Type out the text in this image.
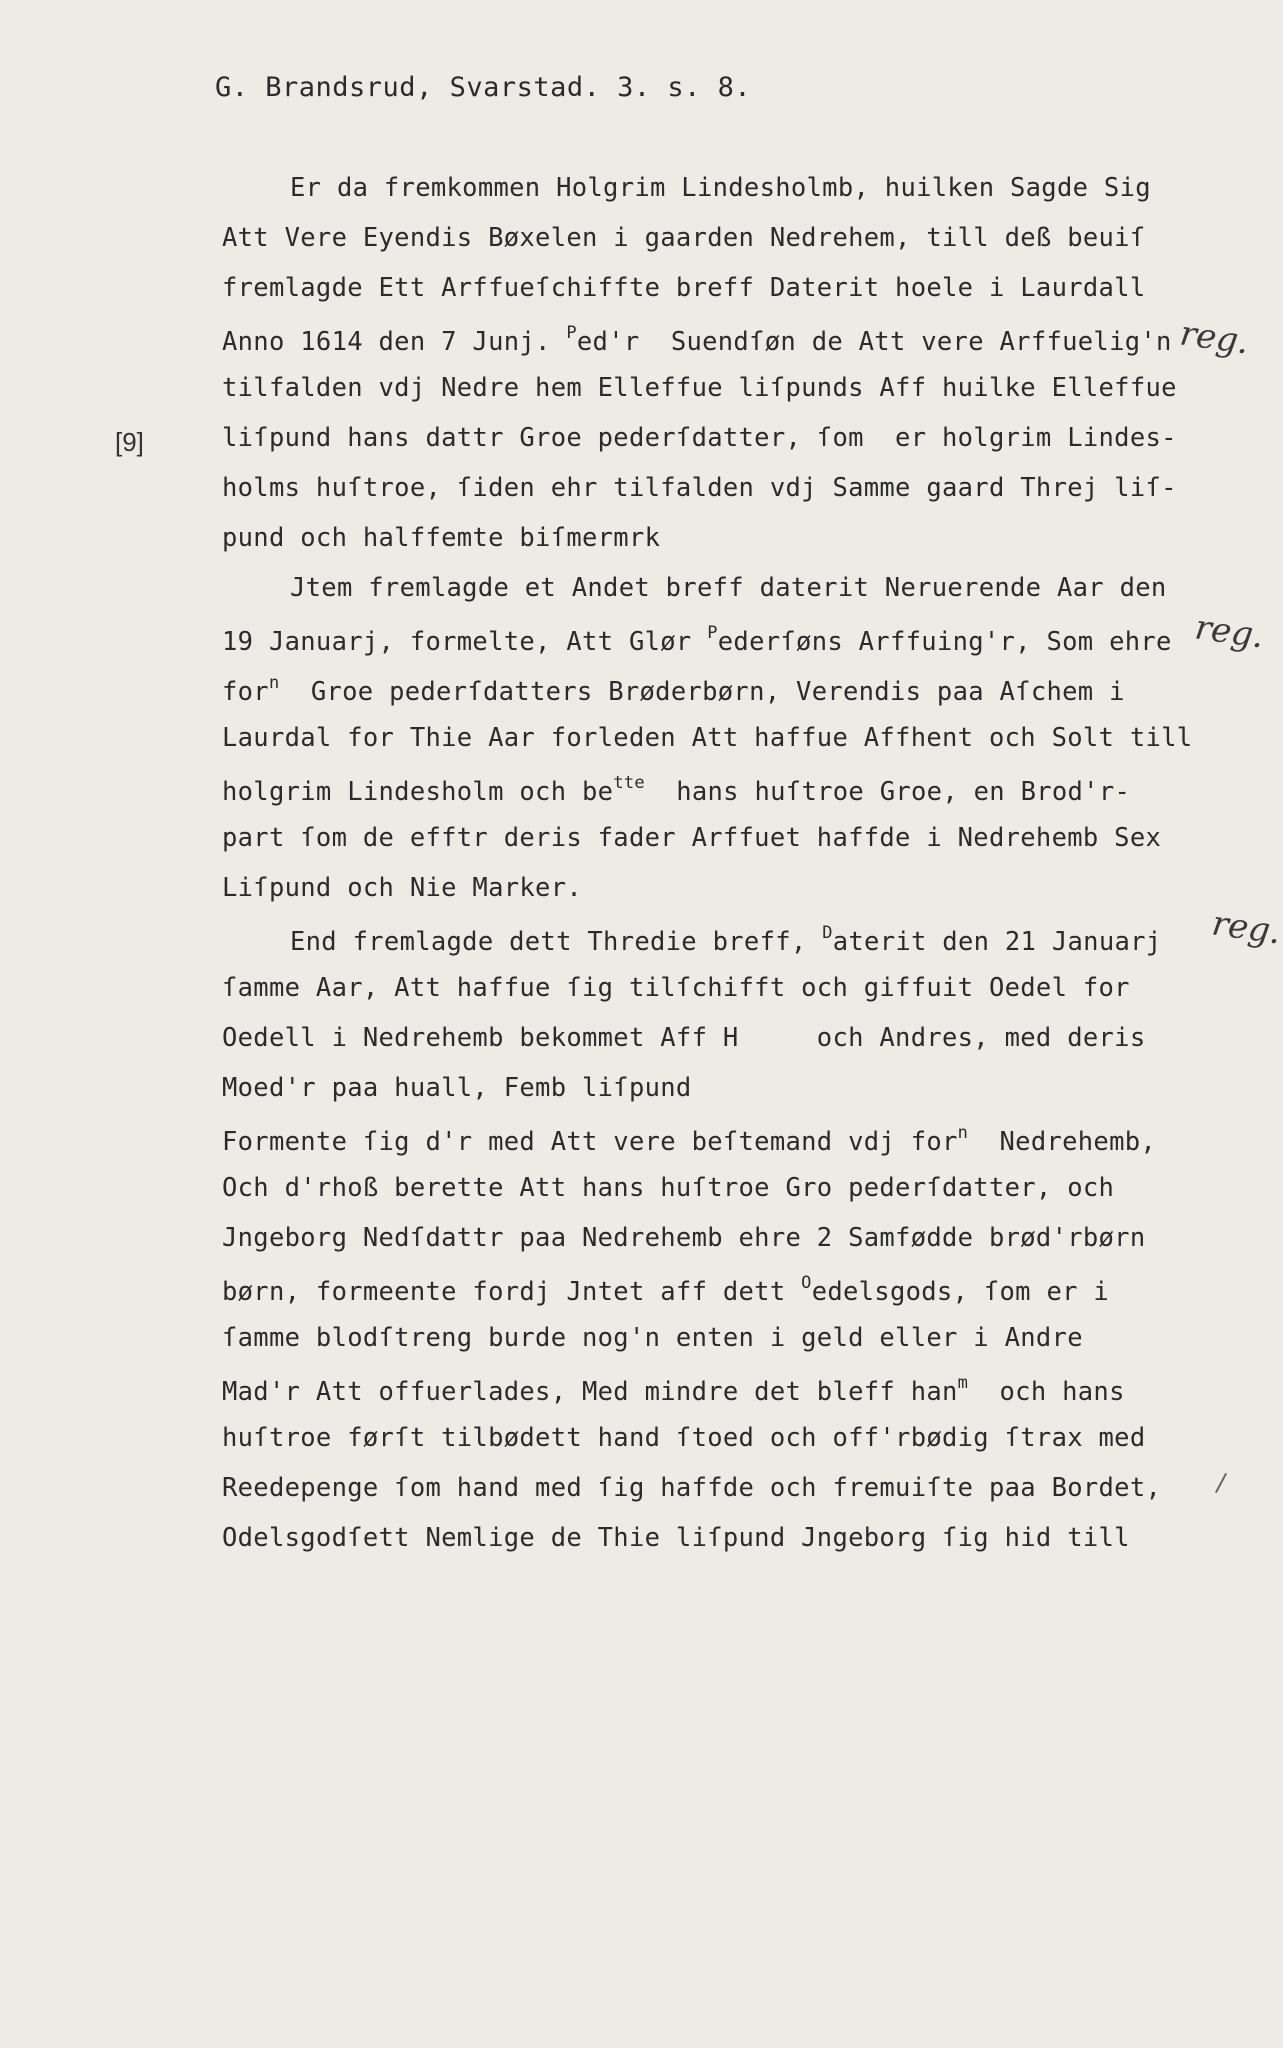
G. Brandsrud, Svarstad. 3. s. 8.
[9]
Er da fremkommen Holgrim Lindesholmb, huilken Sagde Sig
Att Vere Eyendis Bøxelen i gaarden Nedrehem, till deß beuiſ
fremlagde Ett Arffueſchiffte breff Daterit hoele i Laurdall
Anno 1614 den 7 Junj. $^P$ed'r  Suendſøn de Att vere Arffuelig'n
tilfalden vdj Nedre hem Elleffue liſpunds Aff huilke Elleffue
liſpund hans dattr Groe pederſdatter, ſom  er holgrim Lindes-
holms huſtroe, ſiden ehr tilfalden vdj Samme gaard Threj liſ-
pund och halffemte biſmermrk
Jtem fremlagde et Andet breff daterit Neruerende Aar den
19 Januarj, formelte, Att Glør $^P$ederſøns Arffuing'r, Som ehre
for$^n$  Groe pederſdatters Brøderbørn, Verendis paa Aſchem i
Laurdal for Thie Aar forleden Att haffue Affhent och Solt till
holgrim Lindesholm och $be^{tte}$  hans huſtroe Groe, en Brod'r-
part ſom de efftr deris fader Arffuet haffde i Nedrehemb Sex
Liſpund och Nie Marker.
End fremlagde dett Thredie breff, $^D$aterit den 21 Januarj
ſamme Aar, Att haffue ſig tilſchifft och giffuit Oedel for
Oedell i Nedrehemb bekommet Aff H     och Andres, med deris
Moed'r paa huall, Femb liſpund
Formente ſig d'r med Att vere beſtemand vdj for$^n$  Nedrehemb,
Och d'rhoß berette Att hans huſtroe Gro pederſdatter, och
Jngeborg Nedſdattr paa Nedrehemb ehre 2 Samfødde brød'rbørn
børn, formeente fordj Jntet aff dett $^O$edelsgods, ſom er i
ſamme blodſtreng burde nog'n enten i geld eller i Andre
Mad'r Att offuerlades, Med mindre det bleff han$^m$  och hans
huſtroe førſt tilbødett hand ſtoed och off'rbødig ſtrax med
Reedepenge ſom hand med ſig haffde och fremuiſte paa Bordet,
Odelsgodſett Nemlige de Thie liſpund Jngeborg ſig hid till
reg.
reg.
reg.
